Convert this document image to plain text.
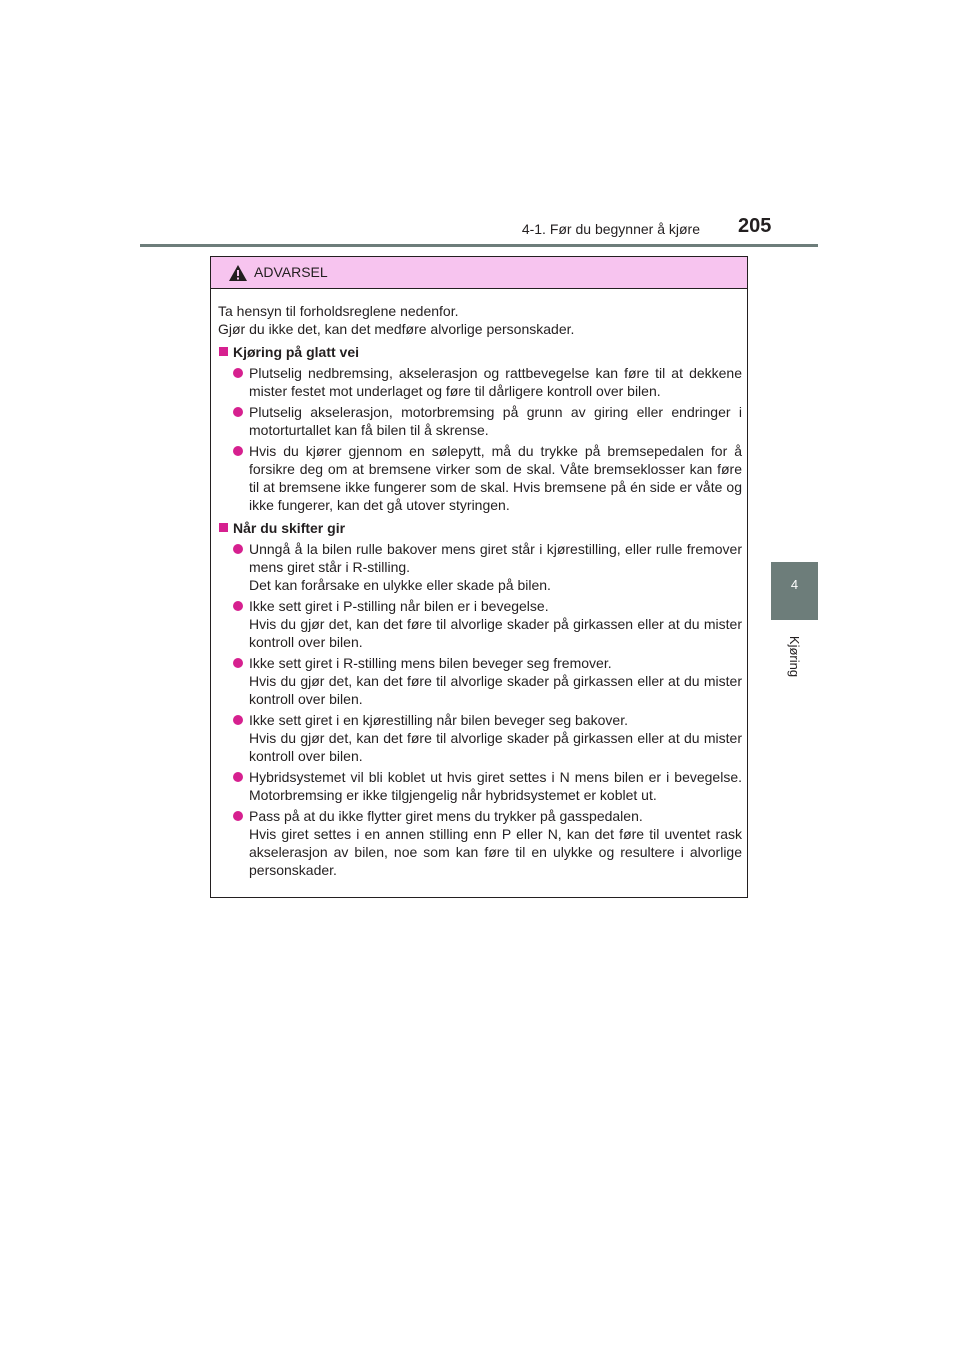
4-1. Før du begynner å kjøre 205
4
Kjøring
ADVARSEL

Ta hensyn til forholdsreglene nedenfor.

Gjør du ikke det, kan det medføre alvorlige personskader.

Kjøring på glatt vei

Plutselig nedbremsing, akselerasjon og rattbevegelse kan føre til at dekkene mister festet mot underlaget og føre til dårligere kontroll over bilen.

Plutselig akselerasjon, motorbremsing på grunn av giring eller endringer i motorturtallet kan få bilen til å skrense.

Hvis du kjører gjennom en sølepytt, må du trykke på bremsepedalen for å forsikre deg om at bremsene virker som de skal. Våte bremseklosser kan føre til at bremsene ikke fungerer som de skal. Hvis bremsene på én side er våte og ikke fungerer, kan det gå utover styringen.

Når du skifter gir

Unngå å la bilen rulle bakover mens giret står i kjørestilling, eller rulle fremover mens giret står i R-stilling.

Det kan forårsake en ulykke eller skade på bilen.

Ikke sett giret i P-stilling når bilen er i bevegelse.

Hvis du gjør det, kan det føre til alvorlige skader på girkassen eller at du mister kontroll over bilen.

Ikke sett giret i R-stilling mens bilen beveger seg fremover.

Hvis du gjør det, kan det føre til alvorlige skader på girkassen eller at du mister kontroll over bilen.

Ikke sett giret i en kjørestilling når bilen beveger seg bakover.

Hvis du gjør det, kan det føre til alvorlige skader på girkassen eller at du mister kontroll over bilen.

Hybridsystemet vil bli koblet ut hvis giret settes i N mens bilen er i bevegelse. Motorbremsing er ikke tilgjengelig når hybridsystemet er koblet ut.

Pass på at du ikke flytter giret mens du trykker på gasspedalen.

Hvis giret settes i en annen stilling enn P eller N, kan det føre til uventet rask akselerasjon av bilen, noe som kan føre til en ulykke og resultere i alvorlige personskader.
